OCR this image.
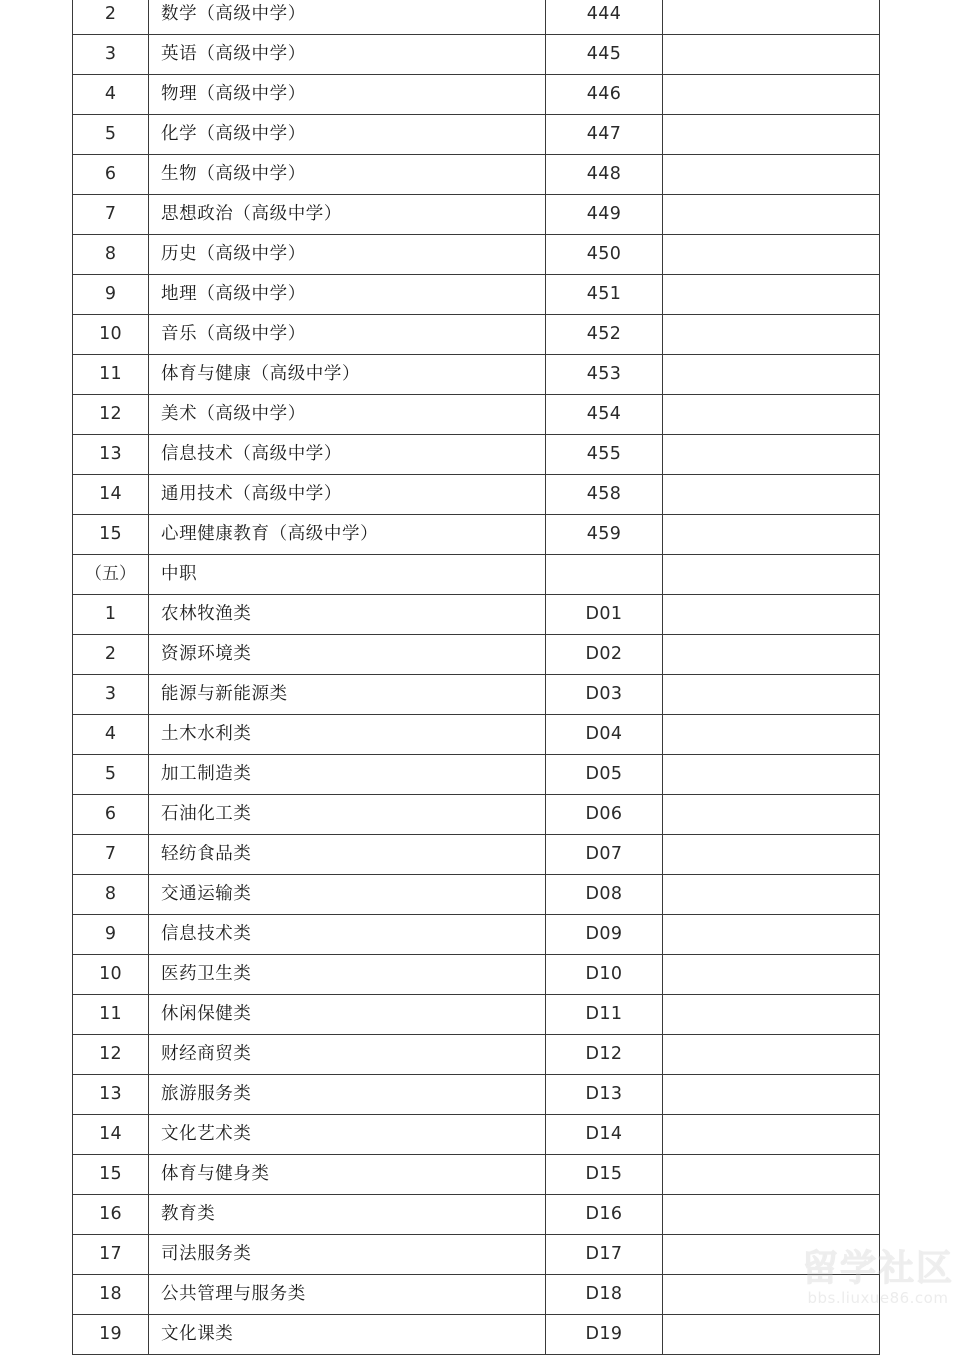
2	数学（高级中学）	444	
3	英语（高级中学）	445	
4	物理（高级中学）	446	
5	化学（高级中学）	447	
6	生物（高级中学）	448	
7	思想政治（高级中学）	449	
8	历史（高级中学）	450	
9	地理（高级中学）	451	
10	音乐（高级中学）	452	
11	体育与健康（高级中学）	453	
12	美术（高级中学）	454	
13	信息技术（高级中学）	455	
14	通用技术（高级中学）	458	
15	心理健康教育（高级中学）	459	
（五）	中职		
1	农林牧渔类	D01	
2	资源环境类	D02	
3	能源与新能源类	D03	
4	土木水利类	D04	
5	加工制造类	D05	
6	石油化工类	D06	
7	轻纺食品类	D07	
8	交通运输类	D08	
9	信息技术类	D09	
10	医药卫生类	D10	
11	休闲保健类	D11	
12	财经商贸类	D12	
13	旅游服务类	D13	
14	文化艺术类	D14	
15	体育与健身类	D15	
16	教育类	D16	
17	司法服务类	D17	
18	公共管理与服务类	D18	
19	文化课类	D19	
留学社区
bbs.liuxue86.com
